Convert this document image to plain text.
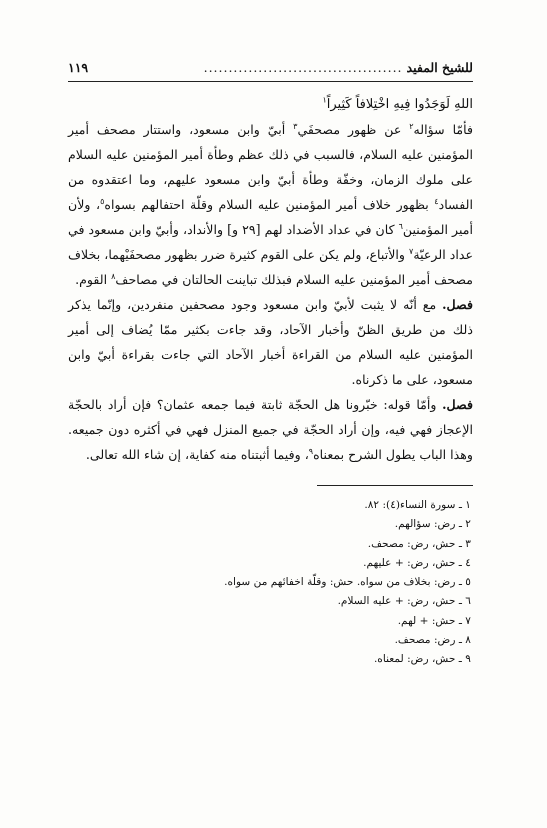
للشيخ المفيد
........................................
١١٩

اللهِ لَوَجَدُوا فِيهِ اخْتِلافاً كَثِيراً$^١$

فأمّا سؤاله$^٢$ عن ظهور مصحفَي$^٣$ أبيّ وابن مسعود، واستتار مصحف أمير المؤمنين عليه السلام، فالسبب في ذلك عظم وطأة أمير المؤمنين عليه السلام على ملوك الزمان، وخفّة وطأة أبيّ وابن مسعود عليهم، وما اعتقدوه من الفساد$^٤$ بظهور خلاف أمير المؤمنين عليه السلام وقلّة احتفالهم بسواه$^٥$، ولأن أمير المؤمنين$^٦$ كان في عداد الأضداد لهم [٢٩ و] والأنداد، وأبيّ وابن مسعود في عداد الرعيّة$^٧$ والأتباع، ولم يكن على القوم كثيرة ضرر بظهور مصحفَيْهما، بخلاف مصحف أمير المؤمنين عليه السلام فبذلك تباينت الحالتان في مصاحف$^٨$ القوم.

فصل. مع أنّه لا يثبت لأبيّ وابن مسعود وجود مصحفين منفردين، وإنّما يذكر ذلك من طريق الظنّ وأخبار الآحاد، وقد جاءت بكثير ممّا يُضاف إلى أمير المؤمنين عليه السلام من القراءة أخبار الآحاد التي جاءت بقراءة أبيّ وابن مسعود، على ما ذكرناه.

فصل. وأمّا قوله: خبّرونا هل الحجّة ثابتة فيما جمعه عثمان؟ فإن أراد بالحجّة الإعجاز فهي فيه، وإن أراد الحجّة في جميع المنزل فهي في أكثره دون جميعه. وهذا الباب يطول الشرح بمعناه$^٩$، وفيما أثبتناه منه كفاية، إن شاء الله تعالى.

١ ـ سورة النساء(٤): ٨٢.
٢ ـ رض: سؤالهم.
٣ ـ حش، رض: مصحف.
٤ ـ حش، رض: + عليهم.
٥ ـ رض: بخلاف من سواه. حش: وقلّة اخفائهم من سواه.
٦ ـ حش، رض: + عليه السلام.
٧ ـ حش: + لهم.
٨ ـ رض: مصحف.
٩ ـ حش، رض: لمعناه.
